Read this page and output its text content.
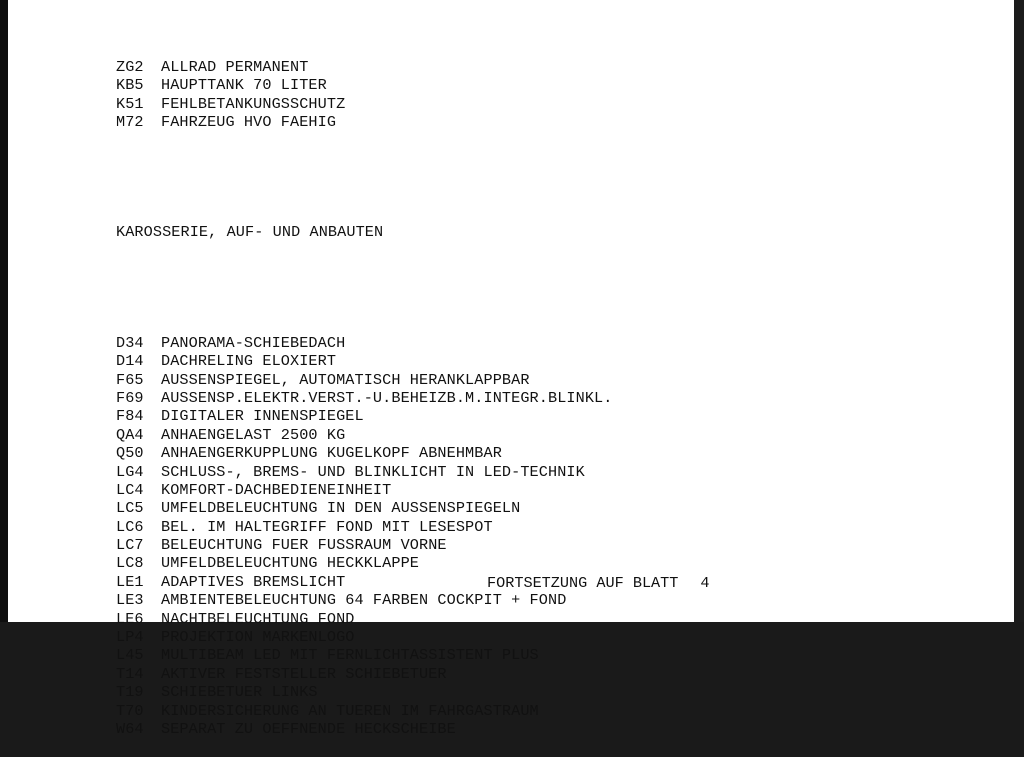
ZG2 ALLRAD PERMANENT
KB5 HAUPTTANK 70 LITER
K51 FEHLBETANKUNGSSCHUTZ
M72 FAHRZEUG HVO FAEHIG

KAROSSERIE, AUF- UND ANBAUTEN

D34 PANORAMA-SCHIEBEDACH
D14 DACHRELING ELOXIERT
F65 AUSSENSPIEGEL, AUTOMATISCH HERANKLAPPBAR
F69 AUSSENSP.ELEKTR.VERST.-U.BEHEIZB.M.INTEGR.BLINKL.
F84 DIGITALER INNENSPIEGEL
QA4 ANHAENGELAST 2500 KG
Q50 ANHAENGERKUPPLUNG KUGELKOPF ABNEHMBAR
LG4 SCHLUSS-, BREMS- UND BLINKLICHT IN LED-TECHNIK
LC4 KOMFORT-DACHBEDIENEINHEIT
LC5 UMFELDBELEUCHTUNG IN DEN AUSSENSPIEGELN
LC6 BEL. IM HALTEGRIFF FOND MIT LESESPOT
LC7 BELEUCHTUNG FUER FUSSRAUM VORNE
LC8 UMFELDBELEUCHTUNG HECKKLAPPE
LE1 ADAPTIVES BREMSLICHT
LE3 AMBIENTEBELEUCHTUNG 64 FARBEN COCKPIT + FOND
LE6 NACHTBELEUCHTUNG FOND
LP4 PROJEKTION MARKENLOGO
L45 MULTIBEAM LED MIT FERNLICHTASSISTENT PLUS
T14 AKTIVER FESTSTELLER SCHIEBETUER
T19 SCHIEBETUER LINKS
T70 KINDERSICHERUNG AN TUEREN IM FAHRGASTRAUM
W64 SEPARAT ZU OEFFNENDE HECKSCHEIBE

FORTSETZUNG AUF BLATT 4
